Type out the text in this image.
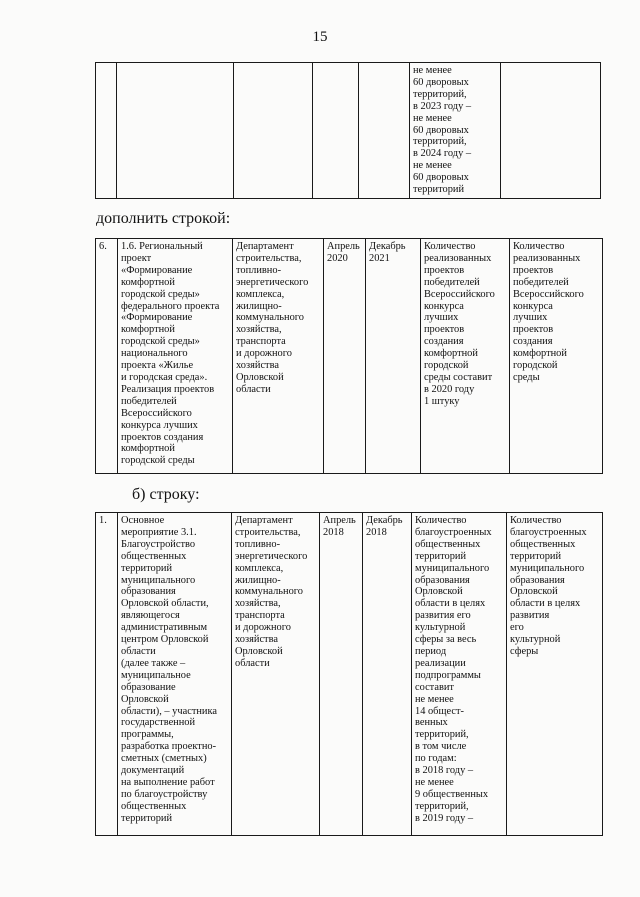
15
					не менее
60 дворовых
территорий,
в 2023 году –
не менее
60 дворовых
территорий,
в 2024 году –
не менее
60 дворовых
территорий	
дополнить строкой:
6.	1.6. Региональный
проект
«Формирование
комфортной
городской среды»
федерального проекта
«Формирование
комфортной
городской среды»
национального
проекта «Жилье
и городская среда».
Реализация проектов
победителей
Всероссийского
конкурса лучших
проектов создания
комфортной
городской среды	Департамент
строительства,
топливно-
энергетического
комплекса,
жилищно-
коммунального
хозяйства,
транспорта
и дорожного
хозяйства
Орловской
области	Апрель
2020	Декабрь
2021	Количество
реализованных
проектов
победителей
Всероссийского
конкурса
лучших
проектов
создания
комфортной
городской
среды составит
в 2020 году
1 штуку	Количество
реализованных
проектов
победителей
Всероссийского
конкурса
лучших
проектов
создания
комфортной
городской
среды
б) строку:
1.	Основное
мероприятие 3.1.
Благоустройство
общественных
территорий
муниципального
образования
Орловской области,
являющегося
административным
центром Орловской
области
(далее также –
муниципальное
образование
Орловской
области), – участника
государственной
программы,
разработка проектно-
сметных (сметных)
документаций
на выполнение работ
по благоустройству
общественных
территорий	Департамент
строительства,
топливно-
энергетического
комплекса,
жилищно-
коммунального
хозяйства,
транспорта
и дорожного
хозяйства
Орловской
области	Апрель
2018	Декабрь
2018	Количество
благоустроенных
общественных
территорий
муниципального
образования
Орловской
области в целях
развития его
культурной
сферы за весь
период
реализации
подпрограммы
составит
не менее
14 общест-
венных
территорий,
в том числе
по годам:
в 2018 году –
не менее
9 общественных
территорий,
в 2019 году –	Количество
благоустроенных
общественных
территорий
муниципального
образования
Орловской
области в целях
развития
его
культурной
сферы
